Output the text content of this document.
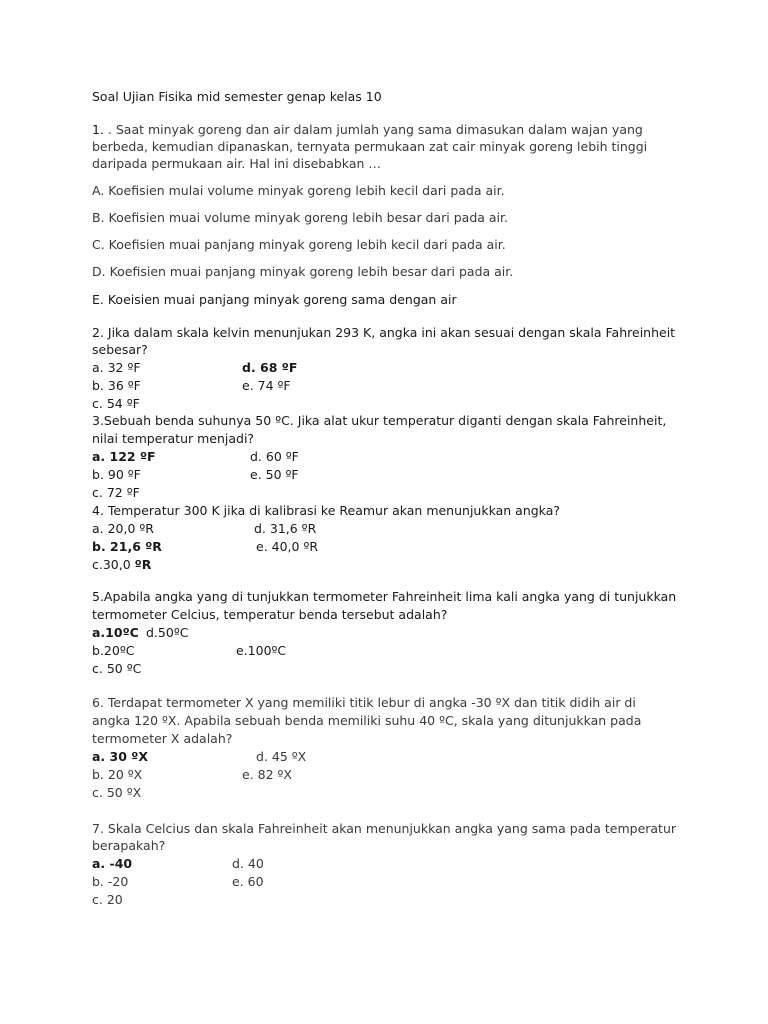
Soal Ujian Fisika mid semester genap kelas 10
1. . Saat minyak goreng dan air dalam jumlah yang sama dimasukan dalam wajan yang
berbeda, kemudian dipanaskan, ternyata permukaan zat cair minyak goreng lebih tinggi
daripada permukaan air. Hal ini disebabkan …
A. Koefisien mulai volume minyak goreng lebih kecil dari pada air.
B. Koefisien muai volume minyak goreng lebih besar dari pada air.
C. Koefisien muai panjang minyak goreng lebih kecil dari pada air.
D. Koefisien muai panjang minyak goreng lebih besar dari pada air.
E. Koeisien muai panjang minyak goreng sama dengan air
2. Jika dalam skala kelvin menunjukan 293 K, angka ini akan sesuai dengan skala Fahreinheit
sebesar?
a. 32 ºF	d. 68 ºF
b. 36 ºF	e. 74 ºF
c. 54 ºF
3.Sebuah benda suhunya 50 ºC. Jika alat ukur temperatur diganti dengan skala Fahreinheit,
nilai temperatur menjadi?
a. 122 ºF	d. 60 ºF
b. 90 ºF	e. 50 ºF
c. 72 ºF
4. Temperatur 300 K jika di kalibrasi ke Reamur akan menunjukkan angka?
a. 20,0 ºR	d. 31,6 ºR
b. 21,6 ºR	e. 40,0 ºR
c.30,0 ºR
5.Apabila angka yang di tunjukkan termometer Fahreinheit lima kali angka yang di tunjukkan
termometer Celcius, temperatur benda tersebut adalah?
a.10ºC d.50ºC
b.20ºC	e.100ºC
c. 50 ºC
6. Terdapat termometer X yang memiliki titik lebur di angka -30 ºX dan titik didih air di
angka 120 ºX. Apabila sebuah benda memiliki suhu 40 ºC, skala yang ditunjukkan pada
termometer X adalah?
a. 30 ºX	d. 45 ºX
b. 20 ºX	e. 82 ºX
c. 50 ºX
7. Skala Celcius dan skala Fahreinheit akan menunjukkan angka yang sama pada temperatur
berapakah?
a. -40	d. 40
b. -20	e. 60
c. 20
